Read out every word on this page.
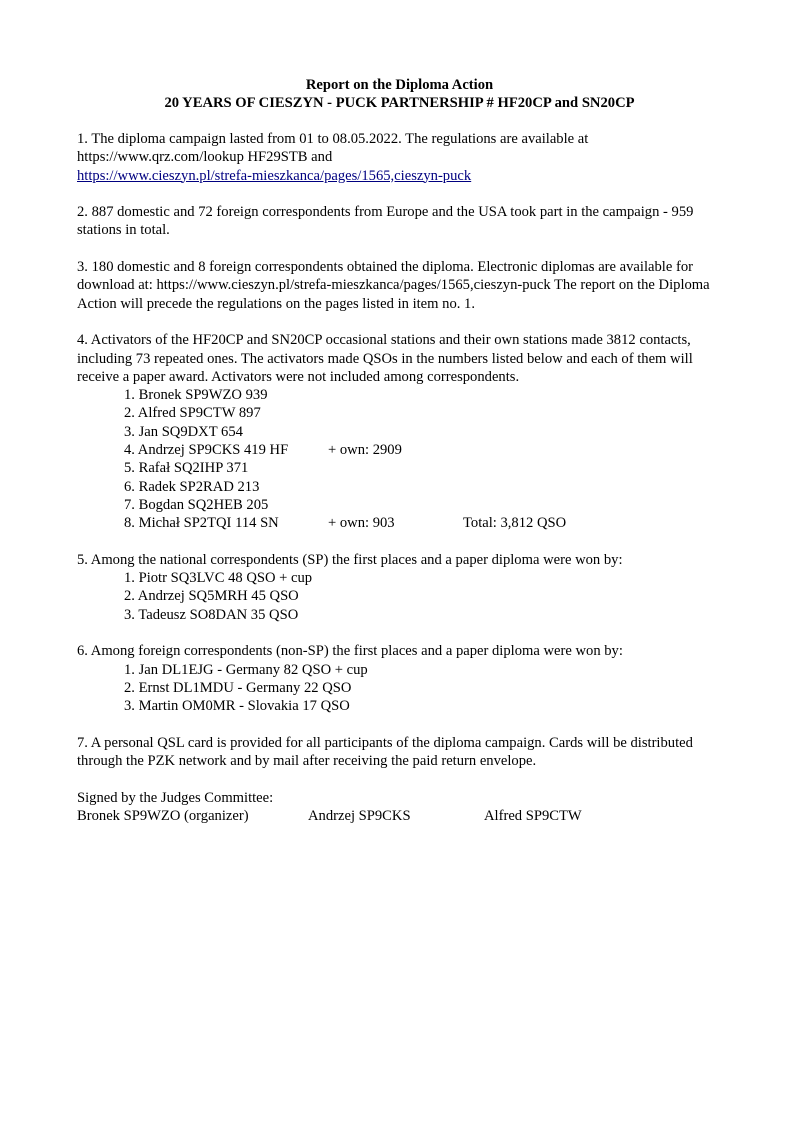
Report on the Diploma Action

20 YEARS OF CIESZYN - PUCK PARTNERSHIP # HF20CP and SN20CP

1. The diploma campaign lasted from 01 to 08.05.2022. The regulations are available at

https://www.qrz.com/lookup HF29STB and

https://www.cieszyn.pl/strefa-mieszkanca/pages/1565,cieszyn-puck

2. 887 domestic and 72 foreign correspondents from Europe and the USA took part in the campaign - 959 stations in total.

3. 180 domestic and 8 foreign correspondents obtained the diploma. Electronic diplomas are available for download at: https://www.cieszyn.pl/strefa-mieszkanca/pages/1565,cieszyn-puck The report on the Diploma Action will precede the regulations on the pages listed in item no. 1.

4. Activators of the HF20CP and SN20CP occasional stations and their own stations made 3812 contacts, including 73 repeated ones. The activators made QSOs in the numbers listed below and each of them will receive a paper award. Activators were not included among correspondents.

1. Bronek SP9WZO 939
2. Alfred SP9CTW 897
3. Jan SQ9DXT 654
4. Andrzej SP9CKS 419 HF	+ own: 2909
5. Rafał SQ2IHP 371
6. Radek SP2RAD 213
7. Bogdan SQ2HEB 205
8. Michał SP2TQI 114 SN	+ own: 903	Total: 3,812 QSO

5. Among the national correspondents (SP) the first places and a paper diploma were won by:

1. Piotr SQ3LVC 48 QSO + cup
2. Andrzej SQ5MRH 45 QSO
3. Tadeusz SO8DAN 35 QSO

6. Among foreign correspondents (non-SP) the first places and a paper diploma were won by:

1. Jan DL1EJG - Germany 82 QSO + cup
2. Ernst DL1MDU - Germany 22 QSO
3. Martin OM0MR - Slovakia 17 QSO

7. A personal QSL card is provided for all participants of the diploma campaign. Cards will be distributed through the PZK network and by mail after receiving the paid return envelope.

Signed by the Judges Committee:

Bronek SP9WZO (organizer)	Andrzej SP9CKS	Alfred SP9CTW
